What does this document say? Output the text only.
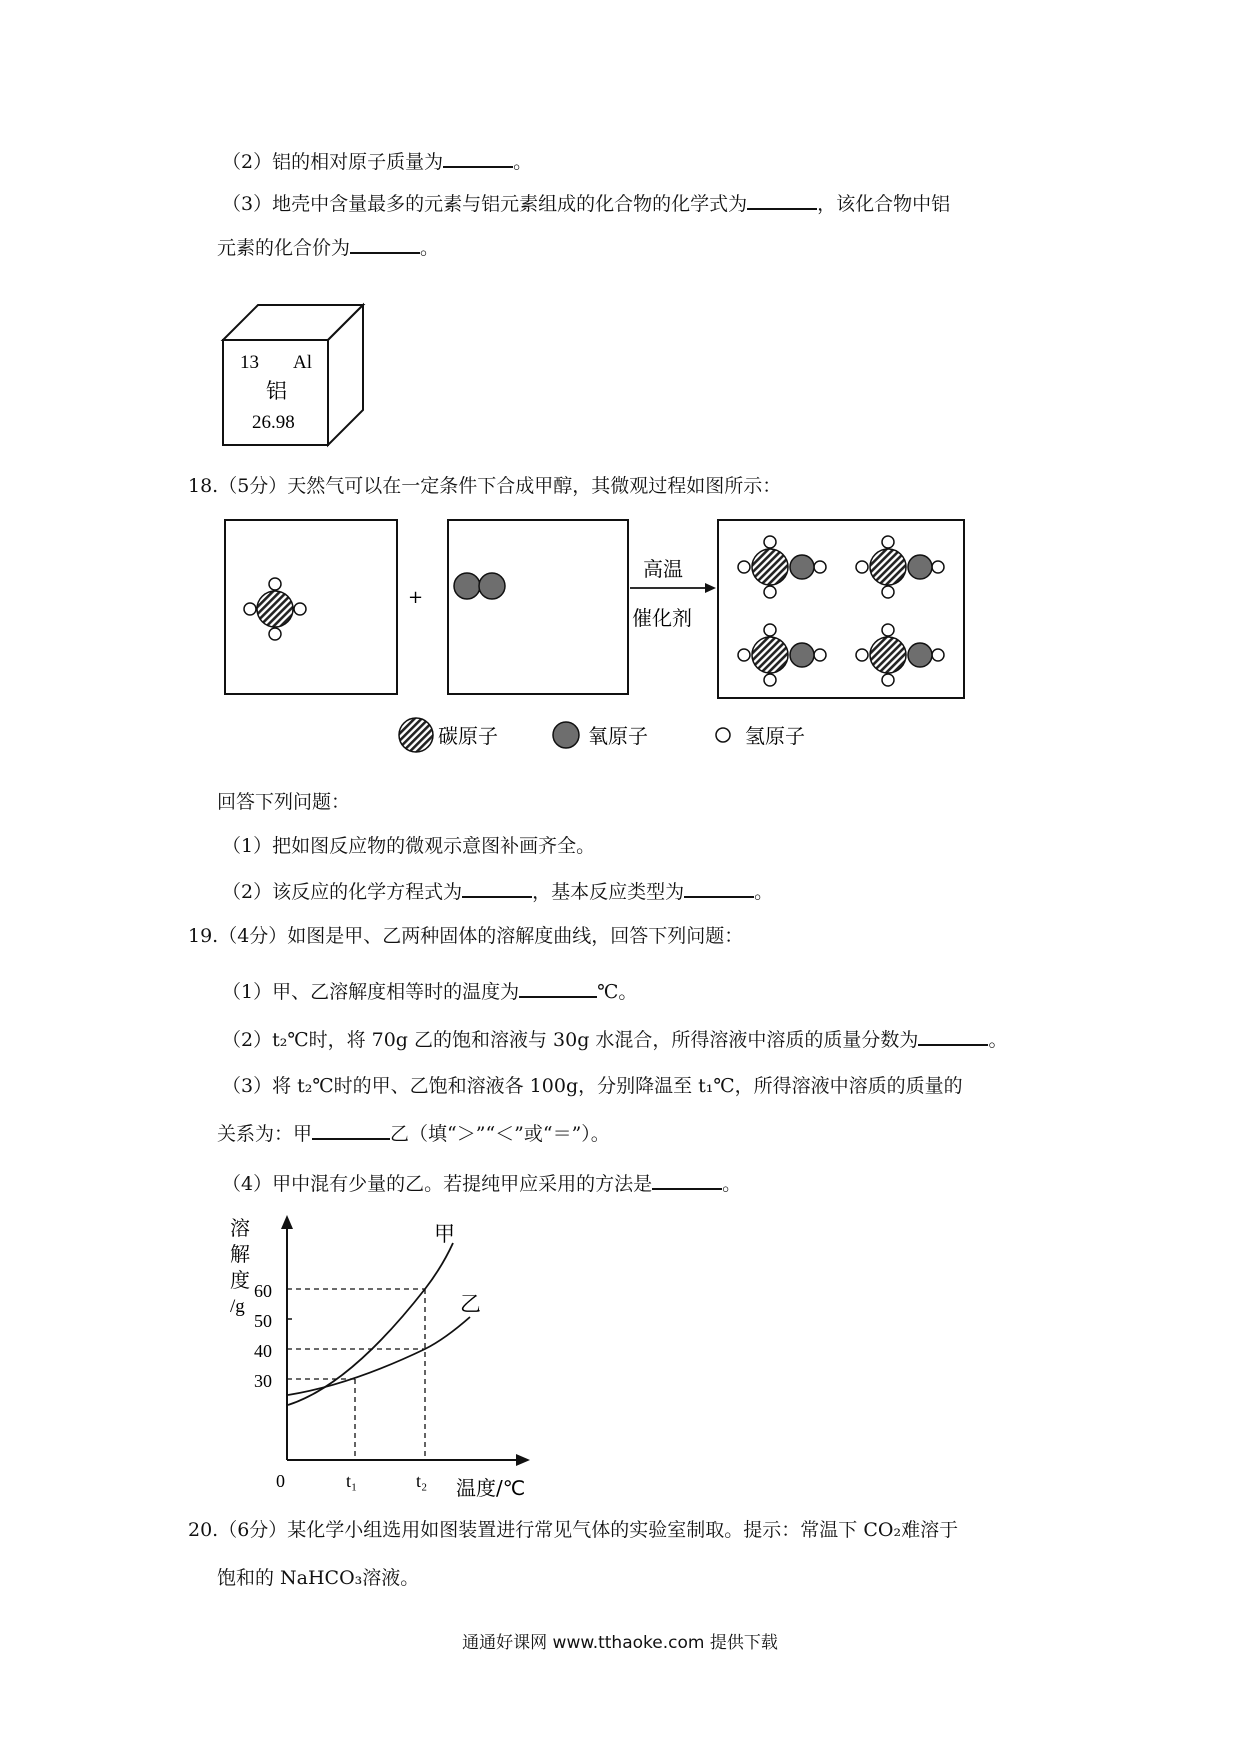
（2）铝的相对原子质量为	。
（3）地壳中含量最多的元素与铝元素组成的化合物的化学式为	，该化合物中铝
元素的化合价为	。
13 Al
铝
26.98
18.（5分）天然气可以在一定条件下合成甲醇，其微观过程如图所示：
+
高温
催化剂
碳原子	氧原子	氢原子
回答下列问题：
（1）把如图反应物的微观示意图补画齐全。
（2）该反应的化学方程式为	，基本反应类型为	。
19.（4分）如图是甲、乙两种固体的溶解度曲线，回答下列问题：
（1）甲、乙溶解度相等时的温度为	℃。
（2）t₂℃时，将 70g 乙的饱和溶液与 30g 水混合，所得溶液中溶质的质量分数为	。
（3）将 t₂℃时的甲、乙饱和溶液各 100g，分别降温至 t₁℃，所得溶液中溶质的质量的
关系为：甲	乙（填“＞”“＜”或“＝”）。
（4）甲中混有少量的乙。若提纯甲应采用的方法是	。
溶
解
度
/g
60
50
40
30
0	t₁	t₂ 温度/℃
甲
乙
20.（6分）某化学小组选用如图装置进行常见气体的实验室制取。提示：常温下 CO₂难溶于
饱和的 NaHCO₃溶液。
通通好课网 www.tthaoke.com 提供下载
